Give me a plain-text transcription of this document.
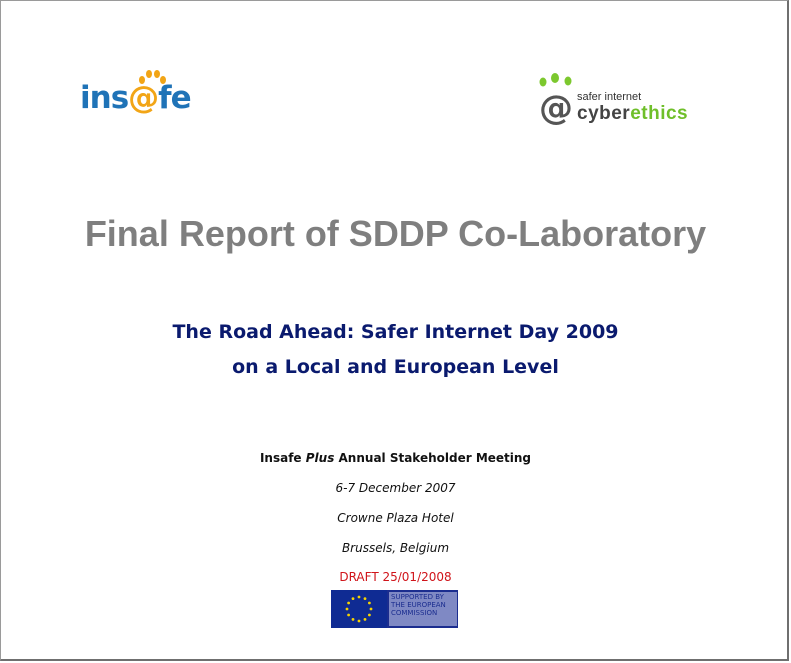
ins@fe	@ safer internet
cyberethics
Final Report of SDDP Co-Laboratory
The Road Ahead: Safer Internet Day 2009
on a Local and European Level
Insafe Plus Annual Stakeholder Meeting
6-7 December 2007
Crowne Plaza Hotel
Brussels, Belgium
DRAFT 25/01/2008
SUPPORTED BY
THE EUROPEAN
COMMISSION
